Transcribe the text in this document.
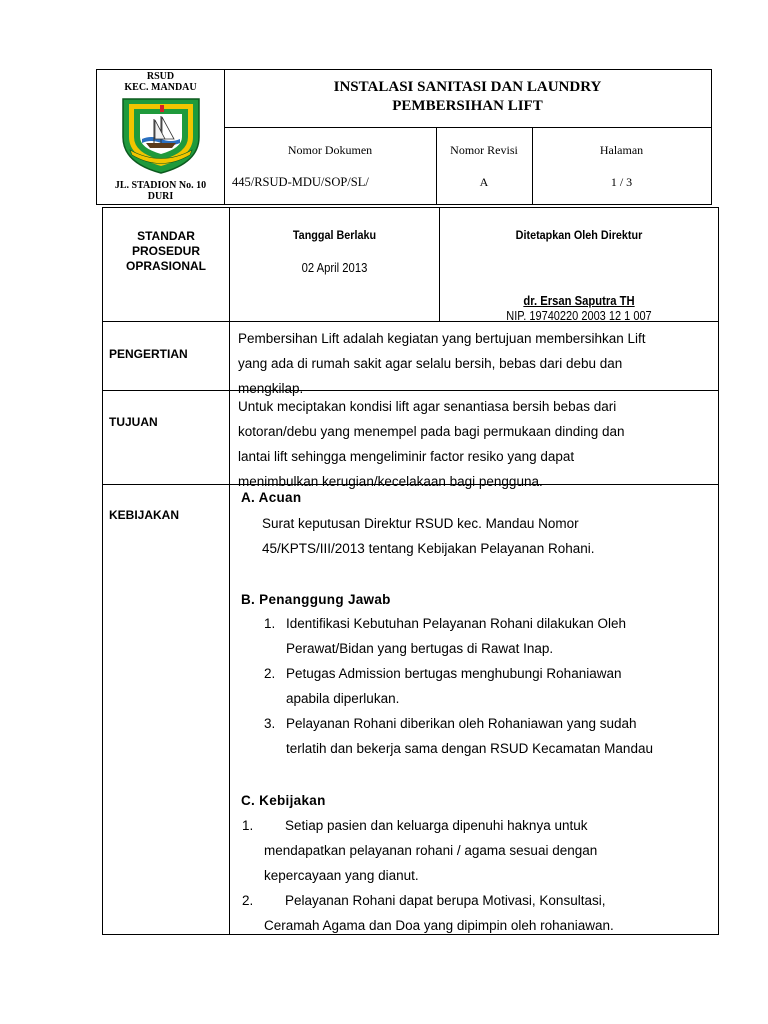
RSUD
KEC. MANDAU
JL. STADION No. 10
DURI
INSTALASI SANITASI DAN LAUNDRY
PEMBERSIHAN LIFT
Nomor Dokumen
445/RSUD-MDU/SOP/SL/
Nomor Revisi
A
Halaman
1 / 3
STANDAR
PROSEDUR
OPRASIONAL
Tanggal Berlaku
02 April 2013
Ditetapkan Oleh Direktur
dr. Ersan Saputra TH
NIP. 19740220 2003 12 1 007
PENGERTIAN
Pembersihan Lift adalah kegiatan yang bertujuan membersihkan Lift
yang ada di rumah sakit agar selalu bersih, bebas dari debu dan
mengkilap.
TUJUAN
Untuk meciptakan kondisi lift agar senantiasa bersih bebas dari
kotoran/debu yang menempel pada bagi permukaan dinding dan
lantai lift sehingga mengeliminir factor resiko yang dapat
menimbulkan kerugian/kecelakaan bagi pengguna.
KEBIJAKAN
A. Acuan
Surat keputusan Direktur RSUD kec. Mandau Nomor
45/KPTS/III/2013 tentang Kebijakan Pelayanan Rohani.
B. Penanggung Jawab
1. Identifikasi Kebutuhan Pelayanan Rohani dilakukan Oleh
Perawat/Bidan yang bertugas di Rawat Inap.
2. Petugas Admission bertugas menghubungi Rohaniawan
apabila diperlukan.
3. Pelayanan Rohani diberikan oleh Rohaniawan yang sudah
terlatih dan bekerja sama dengan RSUD Kecamatan Mandau
C. Kebijakan
1. Setiap pasien dan keluarga dipenuhi haknya untuk
mendapatkan pelayanan rohani / agama sesuai dengan
kepercayaan yang dianut.
2. Pelayanan Rohani dapat berupa Motivasi, Konsultasi,
Ceramah Agama dan Doa yang dipimpin oleh rohaniawan.
